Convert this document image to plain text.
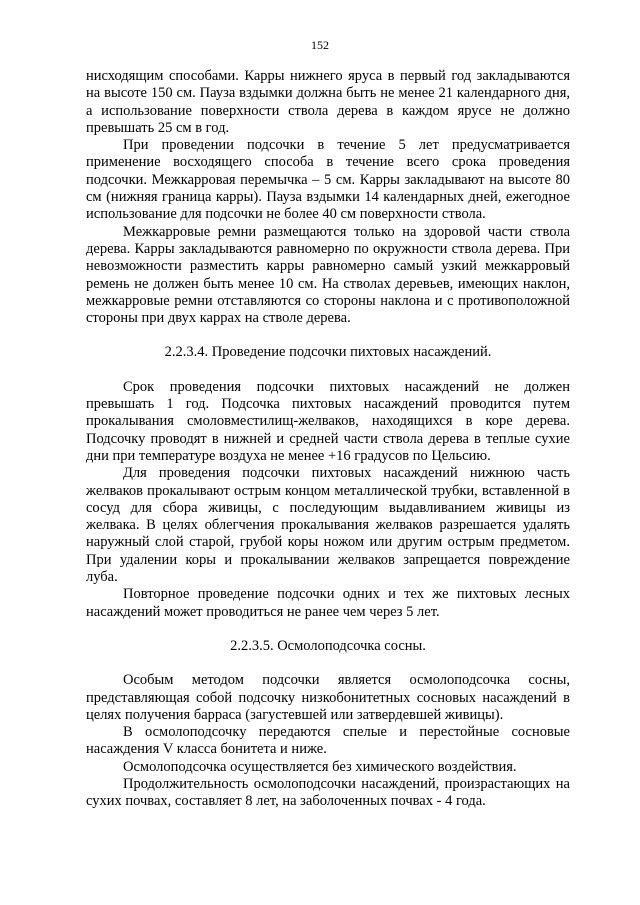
152

нисходящим способами. Карры нижнего яруса в первый год закладываются на высоте 150 см. Пауза вздымки должна быть не менее 21 календарного дня, а использование поверхности ствола дерева в каждом ярусе не должно превышать 25 см в год.

При проведении подсочки в течение 5 лет предусматривается применение восходящего способа в течение всего срока проведения подсочки. Межкарровая перемычка – 5 см. Карры закладывают на высоте 80 см (нижняя граница карры). Пауза вздымки 14 календарных дней, ежегодное использование для подсочки не более 40 см поверхности ствола.

Межкарровые ремни размещаются только на здоровой части ствола дерева. Карры закладываются равномерно по окружности ствола дерева. При невозможности разместить карры равномерно самый узкий межкарровый ремень не должен быть менее 10 см. На стволах деревьев, имеющих наклон, межкарровые ремни отставляются со стороны наклона и с противоположной стороны при двух каррах на стволе дерева.

2.2.3.4. Проведение подсочки пихтовых насаждений.

Срок проведения подсочки пихтовых насаждений не должен превышать 1 год. Подсочка пихтовых насаждений проводится путем прокалывания смоловместилищ-желваков, находящихся в коре дерева. Подсочку проводят в нижней и средней части ствола дерева в теплые сухие дни при температуре воздуха не менее +16 градусов по Цельсию.

Для проведения подсочки пихтовых насаждений нижнюю часть желваков прокалывают острым концом металлической трубки, вставленной в сосуд для сбора живицы, с последующим выдавливанием живицы из желвака. В целях облегчения прокалывания желваков разрешается удалять наружный слой старой, грубой коры ножом или другим острым предметом. При удалении коры и прокалывании желваков запрещается повреждение луба.

Повторное проведение подсочки одних и тех же пихтовых лесных насаждений может проводиться не ранее чем через 5 лет.

2.2.3.5. Осмолоподсочка сосны.

Особым методом подсочки является осмолоподсочка сосны, представляющая собой подсочку низкобонитетных сосновых насаждений в целях получения барраса (загустевшей или затвердевшей живицы).

В осмолоподсочку передаются спелые и перестойные сосновые насаждения V класса бонитета и ниже.

Осмолоподсочка осуществляется без химического воздействия.

Продолжительность осмолоподсочки насаждений, произрастающих на сухих почвах, составляет 8 лет, на заболоченных почвах - 4 года.
